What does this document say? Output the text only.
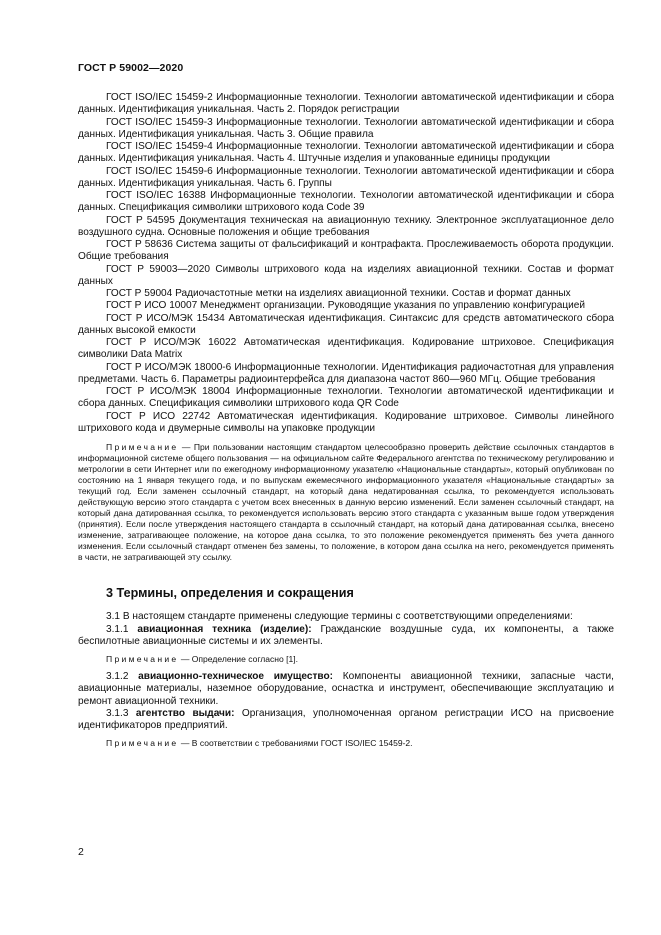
ГОСТ Р 59002—2020

ГОСТ ISO/IEC 15459-2 Информационные технологии. Технологии автоматической идентификации и сбора данных. Идентификация уникальная. Часть 2. Порядок регистрации

ГОСТ ISO/IEC 15459-3 Информационные технологии. Технологии автоматической идентификации и сбора данных. Идентификация уникальная. Часть 3. Общие правила

ГОСТ ISO/IEC 15459-4 Информационные технологии. Технологии автоматической идентификации и сбора данных. Идентификация уникальная. Часть 4. Штучные изделия и упакованные единицы продукции

ГОСТ ISO/IEC 15459-6 Информационные технологии. Технологии автоматической идентификации и сбора данных. Идентификация уникальная. Часть 6. Группы

ГОСТ ISO/IEC 16388 Информационные технологии. Технологии автоматической идентификации и сбора данных. Спецификация символики штрихового кода Code 39

ГОСТ Р 54595 Документация техническая на авиационную технику. Электронное эксплуатационное дело воздушного судна. Основные положения и общие требования

ГОСТ Р 58636 Система защиты от фальсификаций и контрафакта. Прослеживаемость оборота продукции. Общие требования

ГОСТ Р 59003—2020 Символы штрихового кода на изделиях авиационной техники. Состав и формат данных

ГОСТ Р 59004 Радиочастотные метки на изделиях авиационной техники. Состав и формат данных

ГОСТ Р ИСО 10007 Менеджмент организации. Руководящие указания по управлению конфигурацией

ГОСТ Р ИСО/МЭК 15434 Автоматическая идентификация. Синтаксис для средств автоматического сбора данных высокой емкости

ГОСТ Р ИСО/МЭК 16022 Автоматическая идентификация. Кодирование штриховое. Спецификация символики Data Matrix

ГОСТ Р ИСО/МЭК 18000-6 Информационные технологии. Идентификация радиочастотная для управления предметами. Часть 6. Параметры радиоинтерфейса для диапазона частот 860—960 МГц. Общие требования

ГОСТ Р ИСО/МЭК 18004 Информационные технологии. Технологии автоматической идентификации и сбора данных. Спецификация символики штрихового кода QR Code

ГОСТ Р ИСО 22742 Автоматическая идентификация. Кодирование штриховое. Символы линейного штрихового кода и двумерные символы на упаковке продукции

Примечание — При пользовании настоящим стандартом целесообразно проверить действие ссылочных стандартов в информационной системе общего пользования — на официальном сайте Федерального агентства по техническому регулированию и метрологии в сети Интернет или по ежегодному информационному указателю «Национальные стандарты», который опубликован по состоянию на 1 января текущего года, и по выпускам ежемесячного информационного указателя «Национальные стандарты» за текущий год. Если заменен ссылочный стандарт, на который дана недатированная ссылка, то рекомендуется использовать действующую версию этого стандарта с учетом всех внесенных в данную версию изменений. Если заменен ссылочный стандарт, на который дана датированная ссылка, то рекомендуется использовать версию этого стандарта с указанным выше годом утверждения (принятия). Если после утверждения настоящего стандарта в ссылочный стандарт, на который дана датированная ссылка, внесено изменение, затрагивающее положение, на которое дана ссылка, то это положение рекомендуется применять без учета данного изменения. Если ссылочный стандарт отменен без замены, то положение, в котором дана ссылка на него, рекомендуется применять в части, не затрагивающей эту ссылку.

3 Термины, определения и сокращения

3.1 В настоящем стандарте применены следующие термины с соответствующими определениями:

3.1.1 авиационная техника (изделие): Гражданские воздушные суда, их компоненты, а также беспилотные авиационные системы и их элементы.

Примечание — Определение согласно [1].

3.1.2 авиационно-техническое имущество: Компоненты авиационной техники, запасные части, авиационные материалы, наземное оборудование, оснастка и инструмент, обеспечивающие эксплуатацию и ремонт авиационной техники.

3.1.3 агентство выдачи: Организация, уполномоченная органом регистрации ИСО на присвоение идентификаторов предприятий.

Примечание — В соответствии с требованиями ГОСТ ISO/IEC 15459-2.

2
